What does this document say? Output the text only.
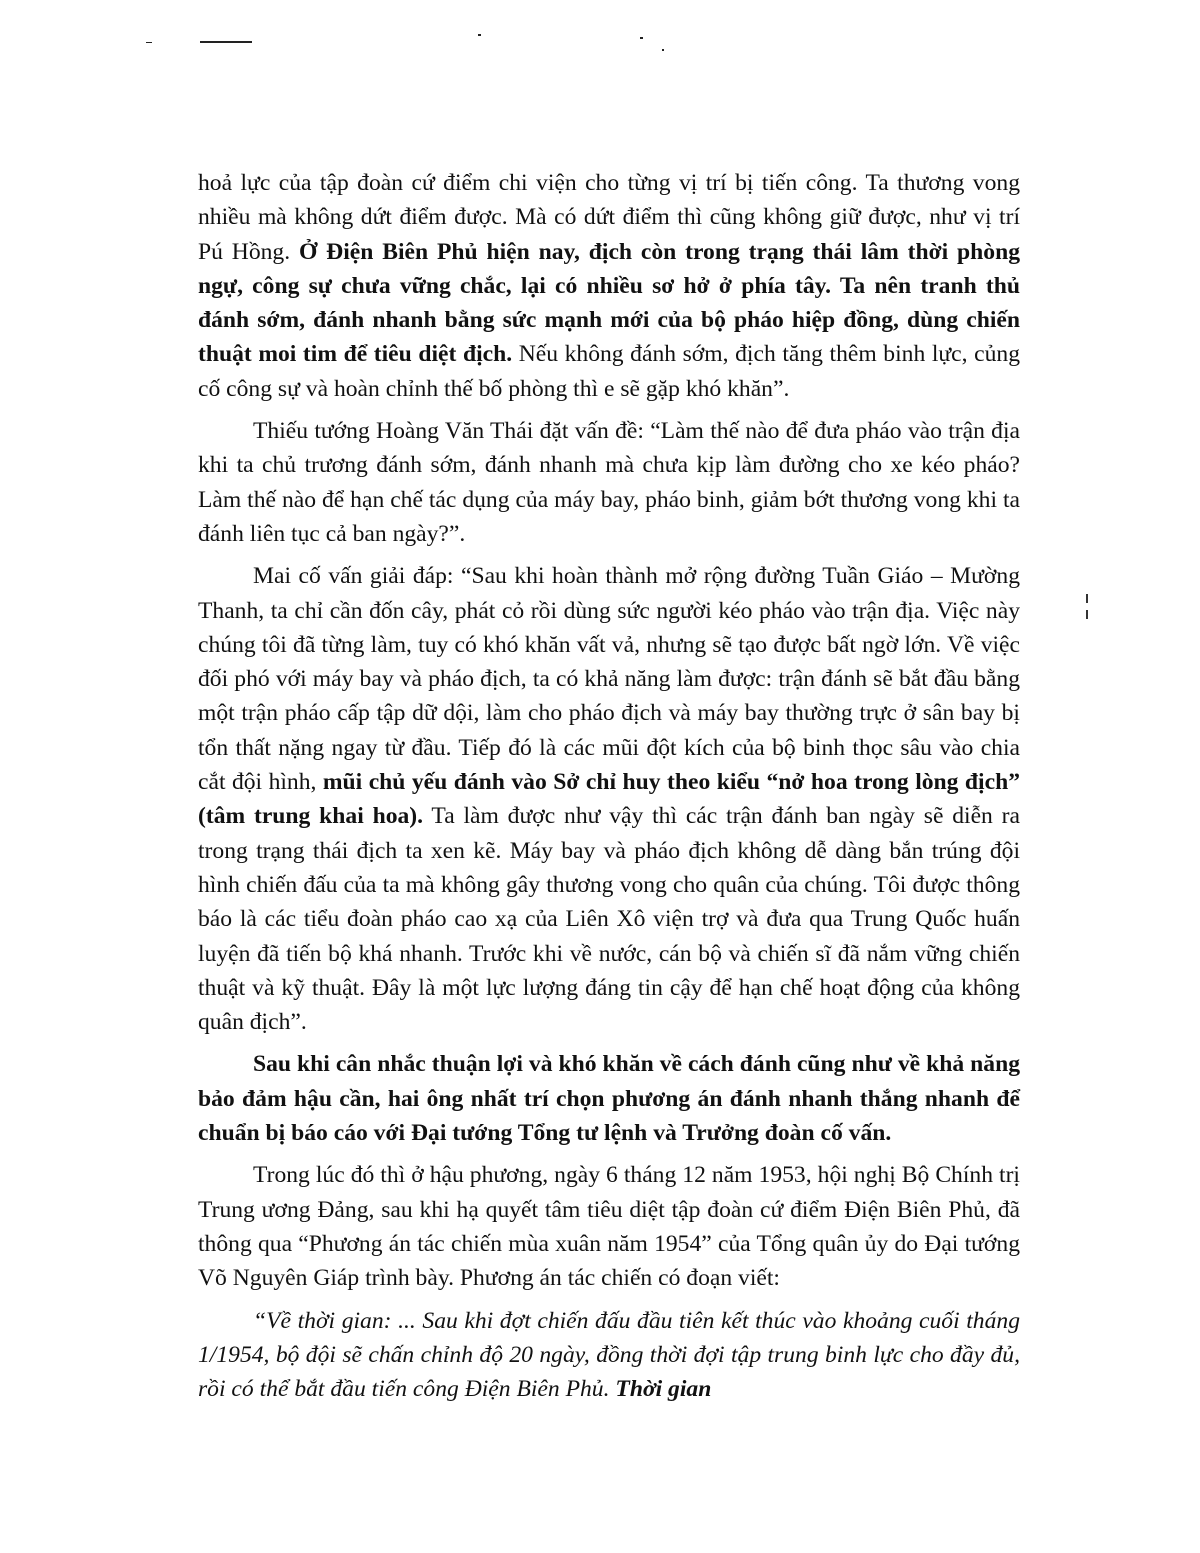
hoả lực của tập đoàn cứ điểm chi viện cho từng vị trí bị tiến công. Ta thương vong nhiều mà không dứt điểm được. Mà có dứt điểm thì cũng không giữ được, như vị trí Pú Hồng. Ở Điện Biên Phủ hiện nay, địch còn trong trạng thái lâm thời phòng ngự, công sự chưa vững chắc, lại có nhiều sơ hở ở phía tây. Ta nên tranh thủ đánh sớm, đánh nhanh bằng sức mạnh mới của bộ pháo hiệp đồng, dùng chiến thuật moi tim để tiêu diệt địch. Nếu không đánh sớm, địch tăng thêm binh lực, củng cố công sự và hoàn chỉnh thế bố phòng thì e sẽ gặp khó khăn”.

Thiếu tướng Hoàng Văn Thái đặt vấn đề: “Làm thế nào để đưa pháo vào trận địa khi ta chủ trương đánh sớm, đánh nhanh mà chưa kịp làm đường cho xe kéo pháo? Làm thế nào để hạn chế tác dụng của máy bay, pháo binh, giảm bớt thương vong khi ta đánh liên tục cả ban ngày?”.

Mai cố vấn giải đáp: “Sau khi hoàn thành mở rộng đường Tuần Giáo – Mường Thanh, ta chỉ cần đốn cây, phát cỏ rồi dùng sức người kéo pháo vào trận địa. Việc này chúng tôi đã từng làm, tuy có khó khăn vất vả, nhưng sẽ tạo được bất ngờ lớn. Về việc đối phó với máy bay và pháo địch, ta có khả năng làm được: trận đánh sẽ bắt đầu bằng một trận pháo cấp tập dữ dội, làm cho pháo địch và máy bay thường trực ở sân bay bị tổn thất nặng ngay từ đầu. Tiếp đó là các mũi đột kích của bộ binh thọc sâu vào chia cắt đội hình, mũi chủ yếu đánh vào Sở chỉ huy theo kiểu “nở hoa trong lòng địch” (tâm trung khai hoa). Ta làm được như vậy thì các trận đánh ban ngày sẽ diễn ra trong trạng thái địch ta xen kẽ. Máy bay và pháo địch không dễ dàng bắn trúng đội hình chiến đấu của ta mà không gây thương vong cho quân của chúng. Tôi được thông báo là các tiểu đoàn pháo cao xạ của Liên Xô viện trợ và đưa qua Trung Quốc huấn luyện đã tiến bộ khá nhanh. Trước khi về nước, cán bộ và chiến sĩ đã nắm vững chiến thuật và kỹ thuật. Đây là một lực lượng đáng tin cậy để hạn chế hoạt động của không quân địch”.

Sau khi cân nhắc thuận lợi và khó khăn về cách đánh cũng như về khả năng bảo đảm hậu cần, hai ông nhất trí chọn phương án đánh nhanh thắng nhanh để chuẩn bị báo cáo với Đại tướng Tổng tư lệnh và Trưởng đoàn cố vấn.

Trong lúc đó thì ở hậu phương, ngày 6 tháng 12 năm 1953, hội nghị Bộ Chính trị Trung ương Đảng, sau khi hạ quyết tâm tiêu diệt tập đoàn cứ điểm Điện Biên Phủ, đã thông qua “Phương án tác chiến mùa xuân năm 1954” của Tổng quân ủy do Đại tướng Võ Nguyên Giáp trình bày. Phương án tác chiến có đoạn viết:

“Về thời gian: ... Sau khi đợt chiến đấu đầu tiên kết thúc vào khoảng cuối tháng 1/1954, bộ đội sẽ chấn chỉnh độ 20 ngày, đồng thời đợi tập trung binh lực cho đầy đủ, rồi có thể bắt đầu tiến công Điện Biên Phủ. Thời gian
